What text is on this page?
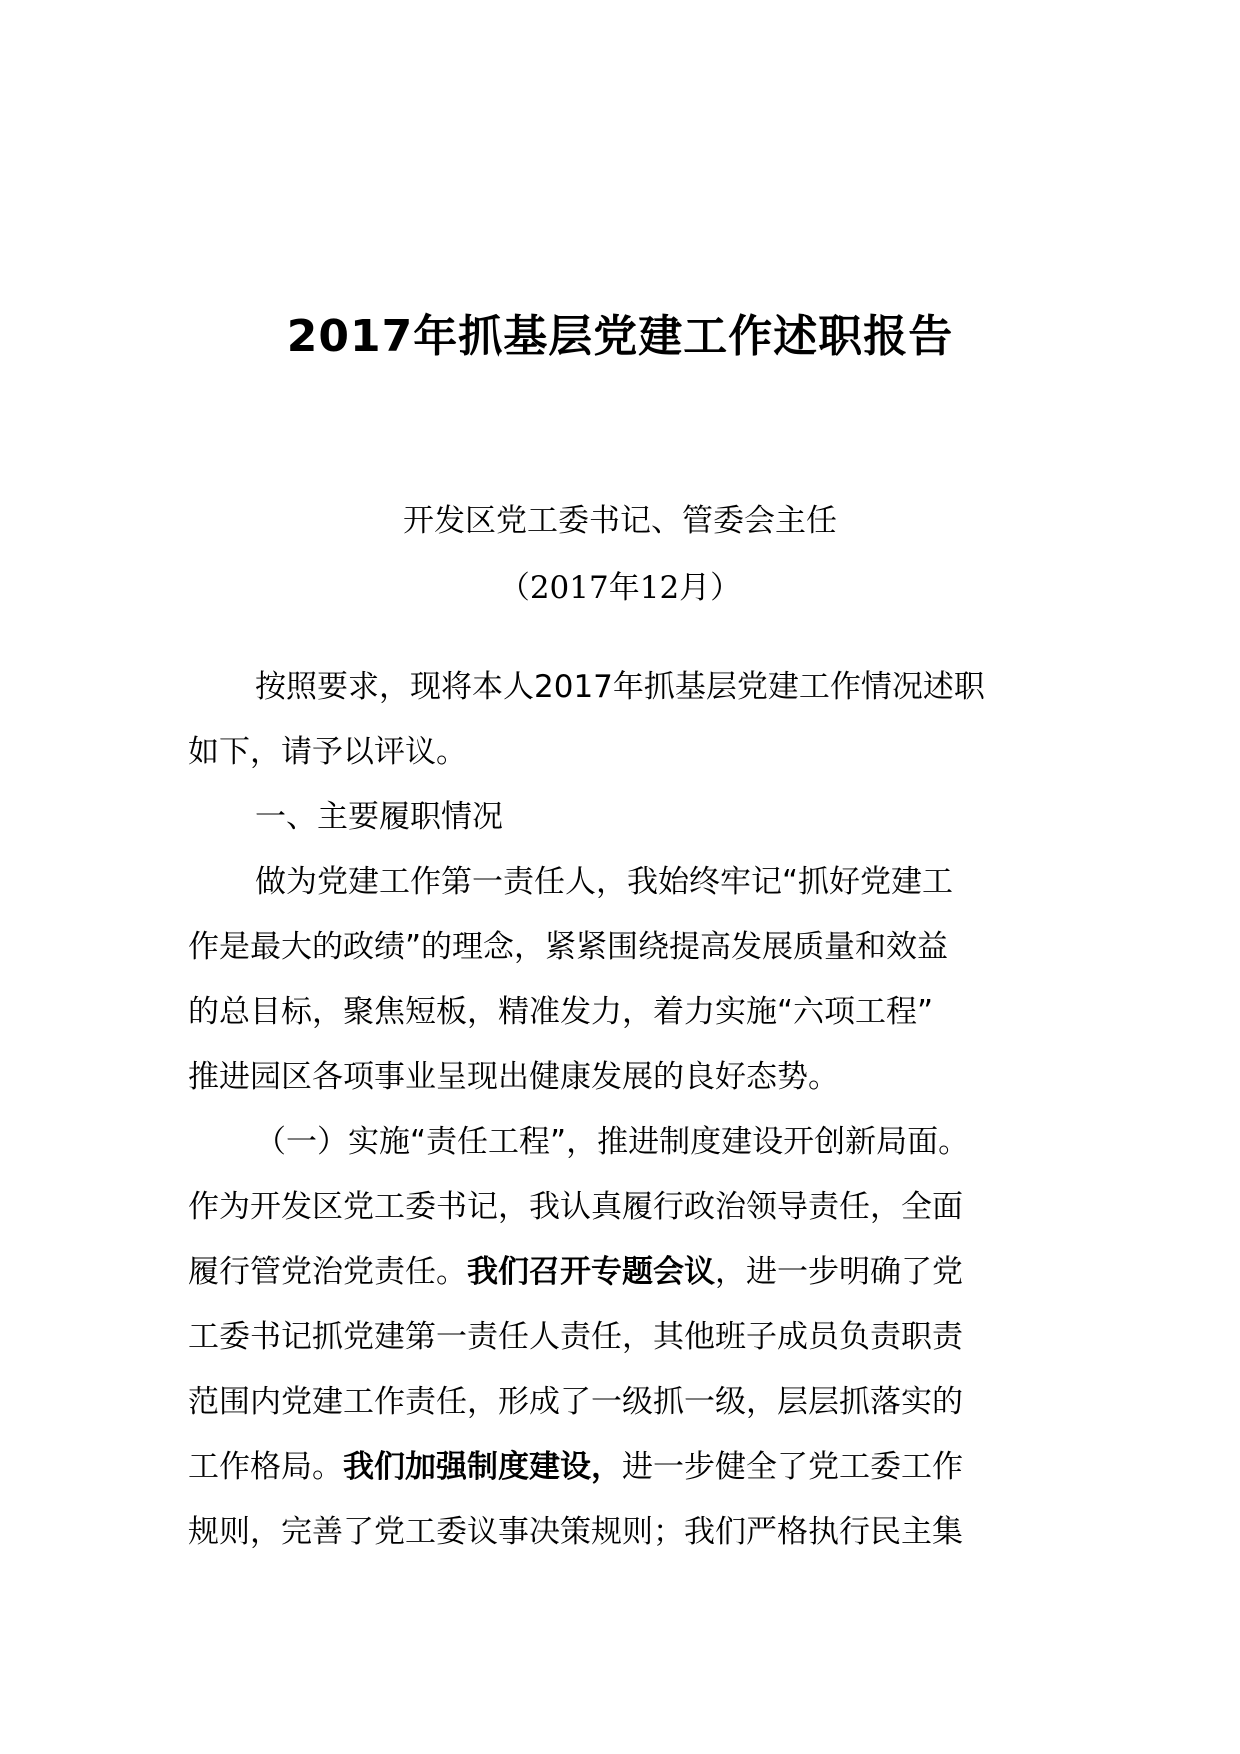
2017年抓基层党建工作述职报告
开发区党工委书记、管委会主任
（2017年12月）
按照要求，现将本人2017年抓基层党建工作情况述职
如下，请予以评议。
一、主要履职情况
做为党建工作第一责任人，我始终牢记“抓好党建工
作是最大的政绩”的理念，紧紧围绕提高发展质量和效益
的总目标，聚焦短板，精准发力，着力实施“六项工程”
推进园区各项事业呈现出健康发展的良好态势。
（一）实施“责任工程”，推进制度建设开创新局面。
作为开发区党工委书记，我认真履行政治领导责任，全面
履行管党治党责任。我们召开专题会议，进一步明确了党
工委书记抓党建第一责任人责任，其他班子成员负责职责
范围内党建工作责任，形成了一级抓一级，层层抓落实的
工作格局。我们加强制度建设，进一步健全了党工委工作
规则，完善了党工委议事决策规则；我们严格执行民主集
